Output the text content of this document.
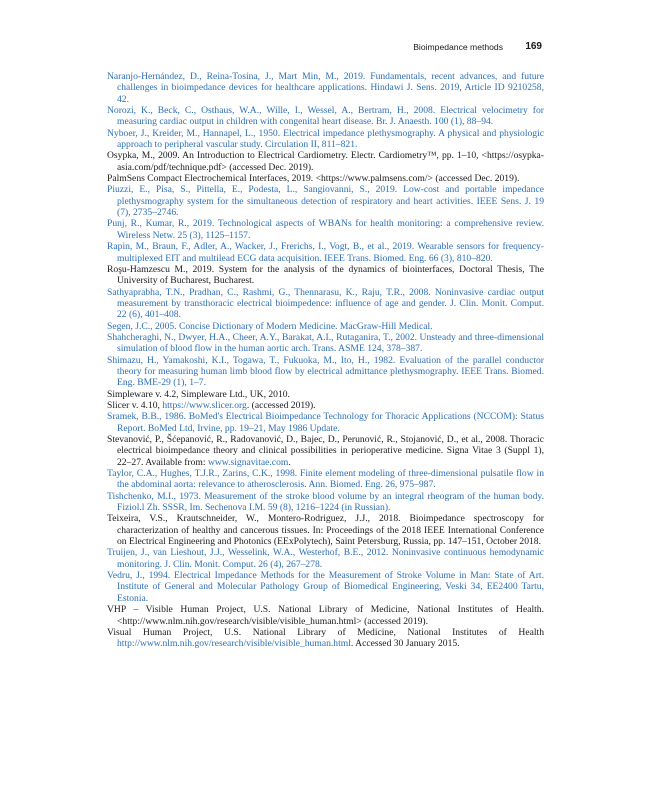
Bioimpedance methods 169

Naranjo-Hernández, D., Reina-Tosina, J., Mart Min, M., 2019. Fundamentals, recent advances, and future challenges in bioimpedance devices for healthcare applications. Hindawi J. Sens. 2019, Article ID 9210258, 42.

Norozi, K., Beck, C., Osthaus, W.A., Wille, I., Wessel, A., Bertram, H., 2008. Electrical velocimetry for measuring cardiac output in children with congenital heart disease. Br. J. Anaesth. 100 (1), 88–94.

Nyboer, J., Kreider, M., Hannapel, L., 1950. Electrical impedance plethysmography. A physical and physiologic approach to peripheral vascular study. Circulation II, 811–821.

Osypka, M., 2009. An Introduction to Electrical Cardiometry. Electr. Cardiometry™, pp. 1–10, <https://osypka-asia.com/pdf/technique.pdf> (accessed Dec. 2019).

PalmSens Compact Electrochemical Interfaces, 2019. <https://www.palmsens.com/> (accessed Dec. 2019).

Piuzzi, E., Pisa, S., Pittella, E., Podesta, L., Sangiovanni, S., 2019. Low-cost and portable impedance plethysmography system for the simultaneous detection of respiratory and heart activities. IEEE Sens. J. 19 (7), 2735–2746.

Punj, R., Kumar, R., 2019. Technological aspects of WBANs for health monitoring: a comprehensive review. Wireless Netw. 25 (3), 1125–1157.

Rapin, M., Braun, F., Adler, A., Wacker, J., Frerichs, I., Vogt, B., et al., 2019. Wearable sensors for frequency-multiplexed EIT and multilead ECG data acquisition. IEEE Trans. Biomed. Eng. 66 (3), 810–820.

Roşu-Hamzescu M., 2019. System for the analysis of the dynamics of biointerfaces, Doctoral Thesis, The University of Bucharest, Bucharest.

Sathyaprabha, T.N., Pradhan, C., Rashmi, G., Thennarasu, K., Raju, T.R., 2008. Noninvasive cardiac output measurement by transthoracic electrical bioimpedence: influence of age and gender. J. Clin. Monit. Comput. 22 (6), 401–408.

Segen, J.C., 2005. Concise Dictionary of Modern Medicine. MacGraw-Hill Medical.

Shahcheraghi, N., Dwyer, H.A., Cheer, A.Y., Barakat, A.I., Rutaganira, T., 2002. Unsteady and three-dimensional simulation of blood flow in the human aortic arch. Trans. ASME 124, 378–387.

Shimazu, H., Yamakoshi, K.I., Togawa, T., Fukuoka, M., Ito, H., 1982. Evaluation of the parallel conductor theory for measuring human limb blood flow by electrical admittance plethysmography. IEEE Trans. Biomed. Eng. BME-29 (1), 1–7.

Simpleware v. 4.2, Simpleware Ltd., UK, 2010.

Slicer v. 4.10, https://www.slicer.org. (accessed 2019).

Sramek, B.B., 1986. BoMed's Electrical Bioimpedance Technology for Thoracic Applications (NCCOM): Status Report. BoMed Ltd, Irvine, pp. 19–21, May 1986 Update.

Stevanović, P., Šćepanović, R., Radovanović, D., Bajec, D., Perunović, R., Stojanović, D., et al., 2008. Thoracic electrical bioimpedance theory and clinical possibilities in perioperative medicine. Signa Vitae 3 (Suppl 1), 22–27. Available from: www.signavitae.com.

Taylor, C.A., Hughes, T.J.R., Zarins, C.K., 1998. Finite element modeling of three-dimensional pulsatile flow in the abdominal aorta: relevance to atherosclerosis. Ann. Biomed. Eng. 26, 975–987.

Tishchenko, M.I., 1973. Measurement of the stroke blood volume by an integral rheogram of the human body. Fiziol.l Zh. SSSR, Im. Sechenova I.M. 59 (8), 1216–1224 (in Russian).

Teixeira, V.S., Krautschneider, W., Montero-Rodriguez, J.J., 2018. Bioimpedance spectroscopy for characterization of healthy and cancerous tissues. In: Proceedings of the 2018 IEEE International Conference on Electrical Engineering and Photonics (EExPolytech), Saint Petersburg, Russia, pp. 147–151, October 2018.

Truijen, J., van Lieshout, J.J., Wesselink, W.A., Westerhof, B.E., 2012. Noninvasive continuous hemodynamic monitoring. J. Clin. Monit. Comput. 26 (4), 267–278.

Vedru, J., 1994. Electrical Impedance Methods for the Measurement of Stroke Volume in Man: State of Art. Institute of General and Molecular Pathology Group of Biomedical Engineering, Veski 34, EE2400 Tartu, Estonia.

VHP – Visible Human Project, U.S. National Library of Medicine, National Institutes of Health. <http://www.nlm.nih.gov/research/visible/visible_human.html> (accessed 2019).

Visual Human Project, U.S. National Library of Medicine, National Institutes of Health http://www.nlm.nih.gov/research/visible/visible_human.html. Accessed 30 January 2015.
